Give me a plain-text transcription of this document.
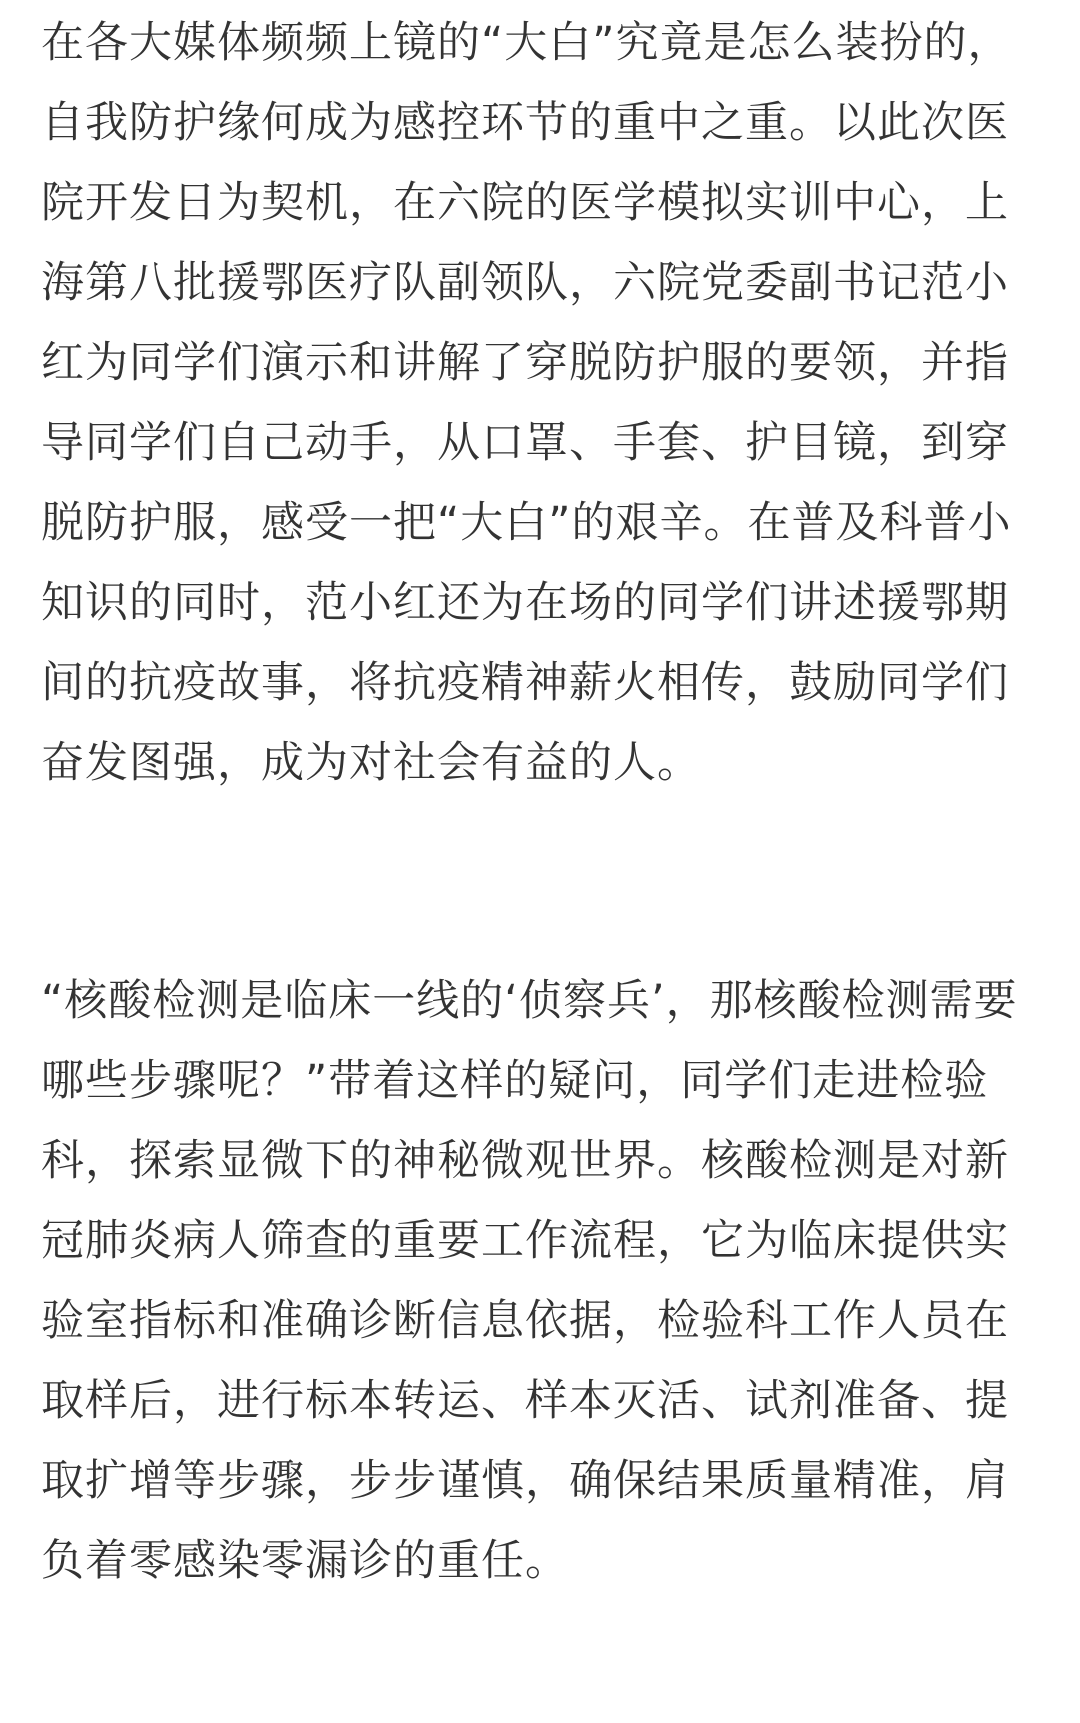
在各大媒体频频上镜的“大白”究竟是怎么装扮的，
自我防护缘何成为感控环节的重中之重。以此次医
院开发日为契机，在六院的医学模拟实训中心，上
海第八批援鄂医疗队副领队，六院党委副书记范小
红为同学们演示和讲解了穿脱防护服的要领，并指
导同学们自己动手，从口罩、手套、护目镜，到穿
脱防护服，感受一把“大白”的艰辛。在普及科普小
知识的同时，范小红还为在场的同学们讲述援鄂期
间的抗疫故事，将抗疫精神薪火相传，鼓励同学们
奋发图强，成为对社会有益的人。
“核酸检测是临床一线的‘侦察兵’，那核酸检测需要
哪些步骤呢？”带着这样的疑问，同学们走进检验
科，探索显微下的神秘微观世界。核酸检测是对新
冠肺炎病人筛查的重要工作流程，它为临床提供实
验室指标和准确诊断信息依据，检验科工作人员在
取样后，进行标本转运、样本灭活、试剂准备、提
取扩增等步骤，步步谨慎，确保结果质量精准，肩
负着零感染零漏诊的重任。
